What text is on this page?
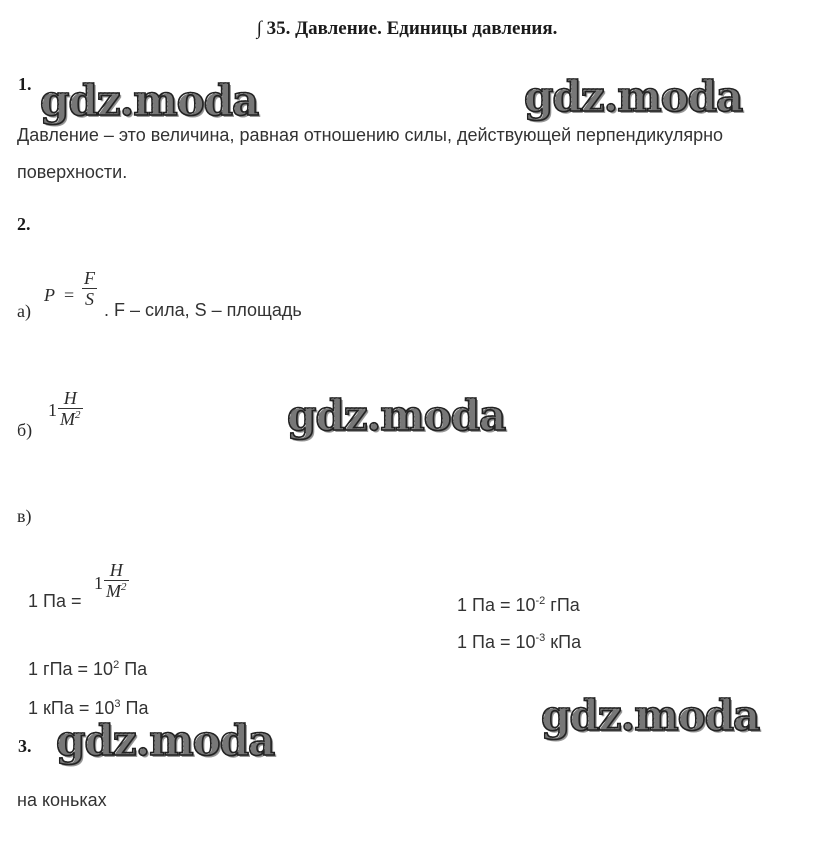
∫ 35. Давление. Единицы давления.
1.
Давление – это величина, равная отношению силы, действующей перпендикулярно
поверхности.
2.
а)
$P = \frac{F}{S}$
. F – сила, S – площадь
б)
$1 \frac{H}{M^2}$
в)
1 Па =
$1 \frac{H}{M^2}$
1 Па = $10^{-2}$ гПа
1 Па = $10^{-3}$ кПа
1 гПа = $10^2$ Па
1 кПа = $10^3$ Па
3.
на коньках
gdz.moda	gdz.moda
gdz.moda
gdz.moda
gdz.moda
